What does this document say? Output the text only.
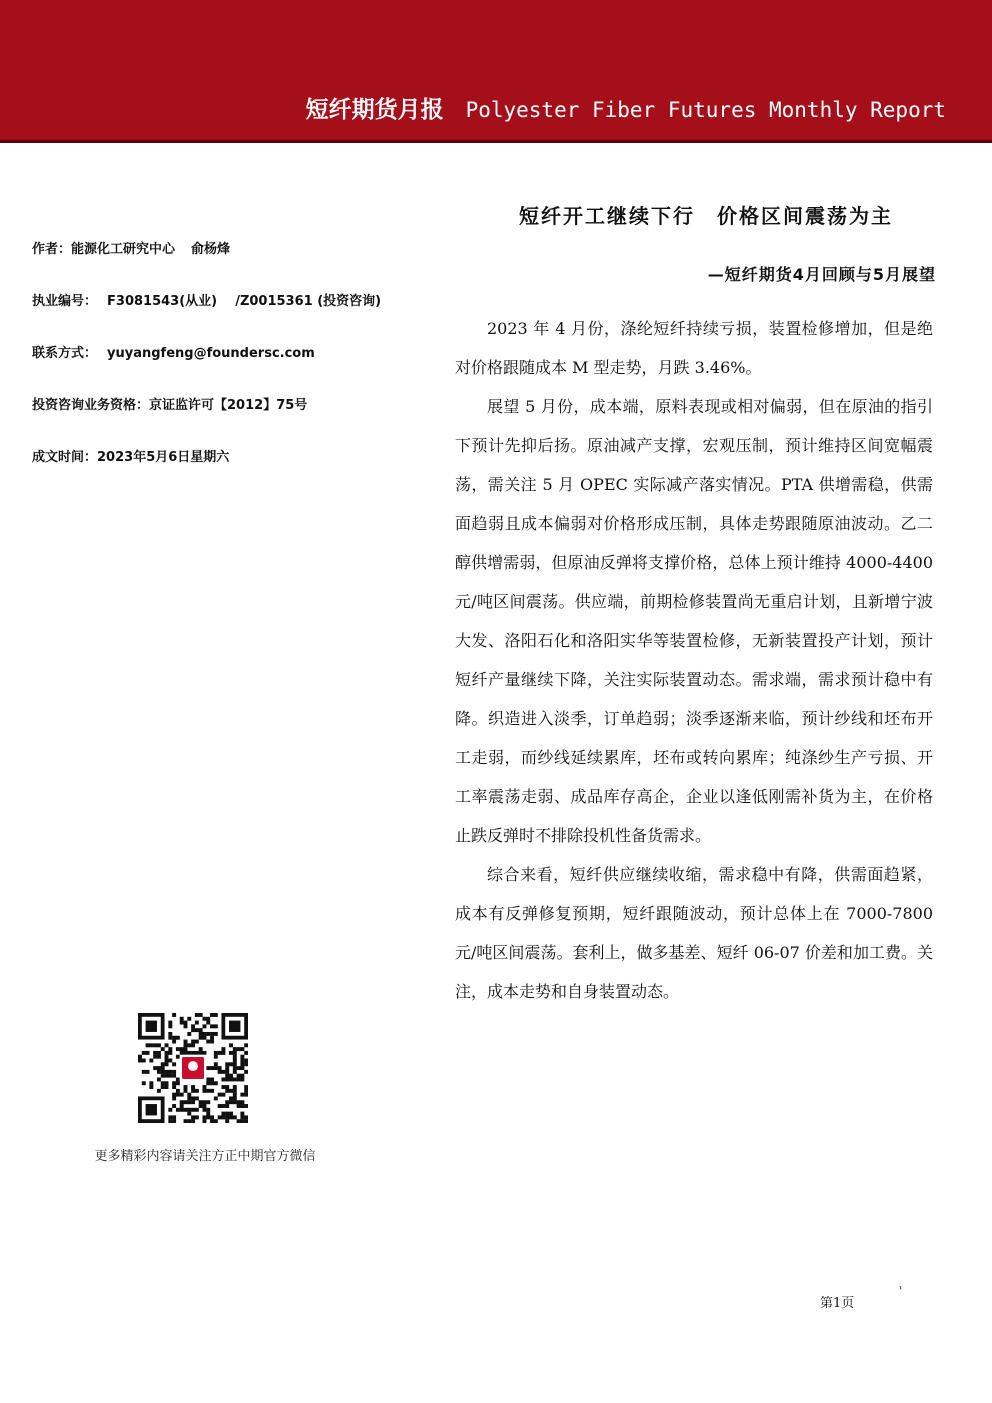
短纤期货月报 Polyester Fiber Futures Monthly Report
作者：能源化工研究中心 俞杨烽
执业编号： F3081543(从业)    /Z0015361 (投资咨询)
联系方式： yuyangfeng@foundersc.com
投资咨询业务资格：京证监许可【2012】75号
成文时间：2023年5月6日星期六
更多精彩内容请关注方正中期官方微信
短纤开工继续下行 价格区间震荡为主
—短纤期货4月回顾与5月展望

2023 年 4 月份，涤纶短纤持续亏损，装置检修增加，但是绝对价格跟随成本 M 型走势，月跌 3.46%。

展望 5 月份，成本端，原料表现或相对偏弱，但在原油的指引下预计先抑后扬。原油减产支撑，宏观压制，预计维持区间宽幅震荡，需关注 5 月 OPEC 实际减产落实情况。PTA 供增需稳，供需面趋弱且成本偏弱对价格形成压制，具体走势跟随原油波动。乙二醇供增需弱，但原油反弹将支撑价格，总体上预计维持 4000-4400 元/吨区间震荡。供应端，前期检修装置尚无重启计划，且新增宁波大发、洛阳石化和洛阳实华等装置检修，无新装置投产计划，预计短纤产量继续下降，关注实际装置动态。需求端，需求预计稳中有降。织造进入淡季，订单趋弱；淡季逐渐来临，预计纱线和坯布开工走弱，而纱线延续累库，坯布或转向累库；纯涤纱生产亏损、开工率震荡走弱、成品库存高企，企业以逢低刚需补货为主，在价格止跌反弹时不排除投机性备货需求。

综合来看，短纤供应继续收缩，需求稳中有降，供需面趋紧，成本有反弹修复预期，短纤跟随波动，预计总体上在 7000-7800 元/吨区间震荡。套利上，做多基差、短纤 06-07 价差和加工费。关注，成本走势和自身装置动态。

第1页
'
